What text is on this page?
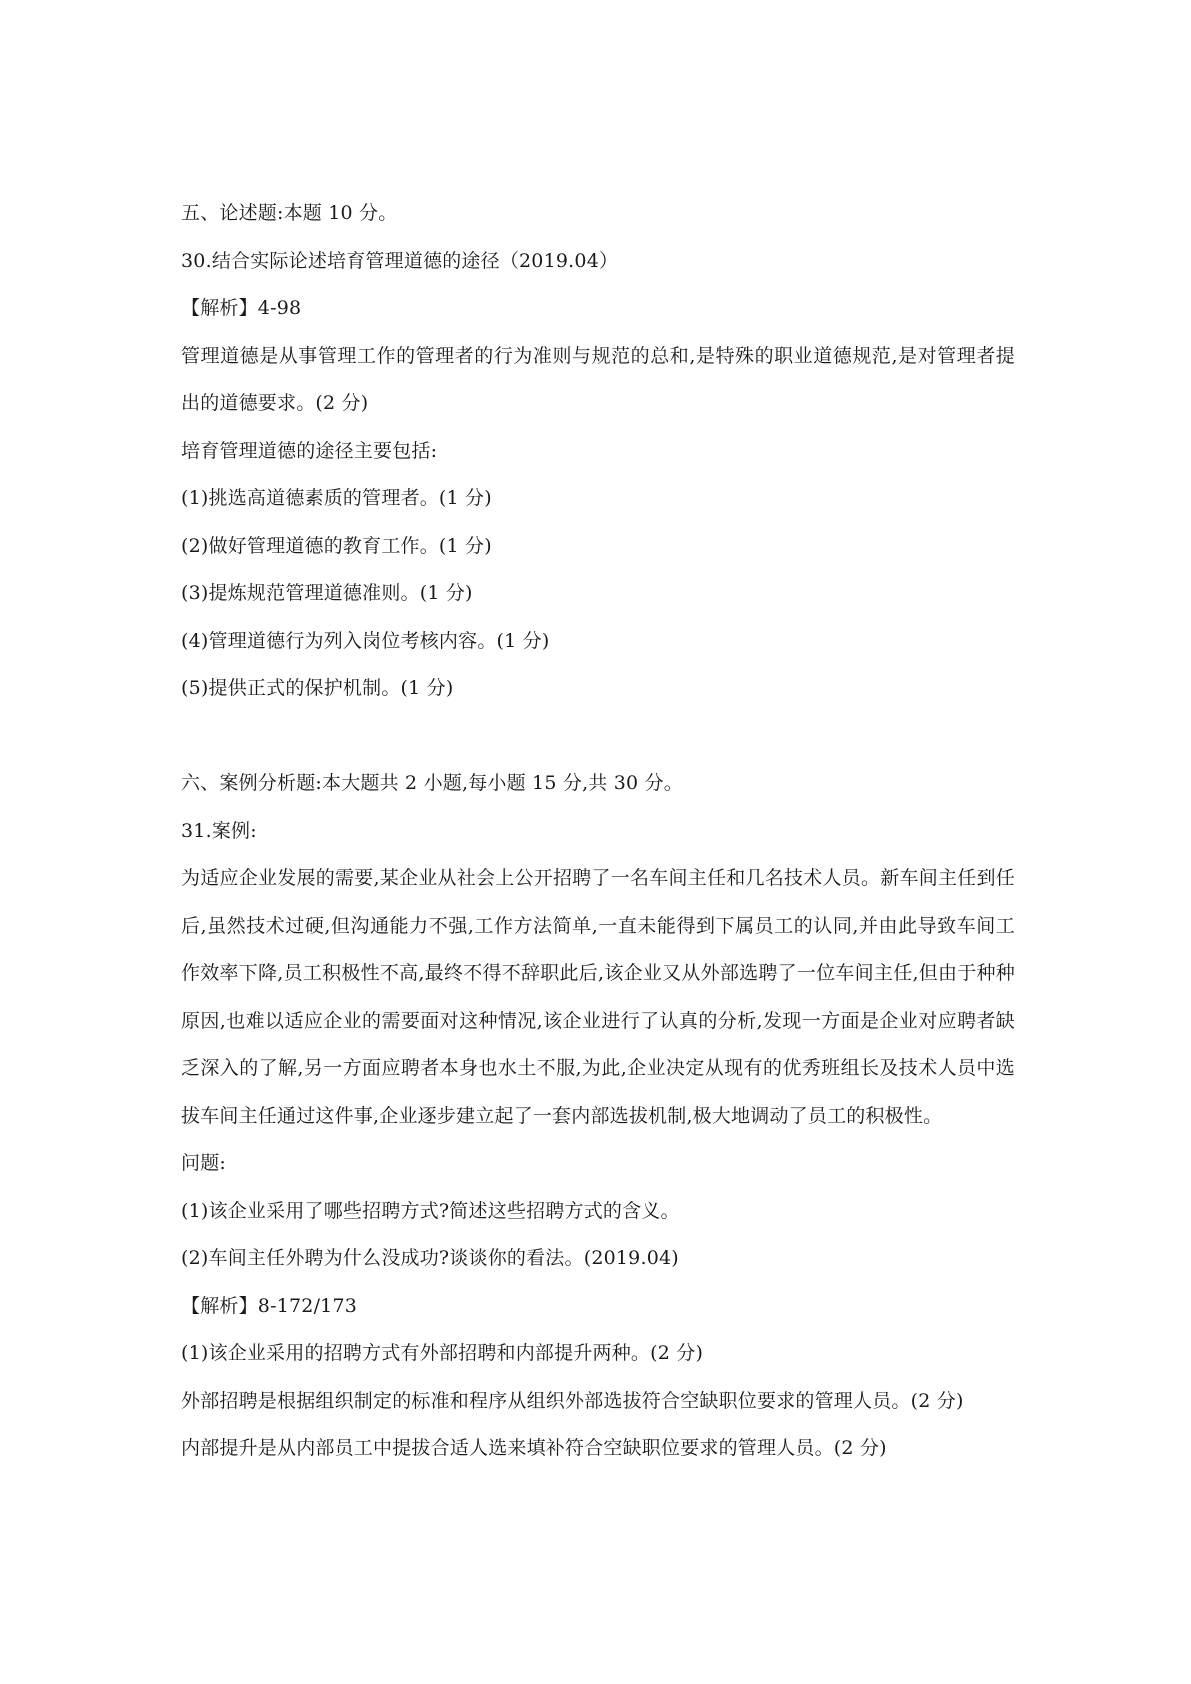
五、论述题:本题 10 分。
30.结合实际论述培育管理道德的途径（2019.04）
【解析】4-98
管理道德是从事管理工作的管理者的行为准则与规范的总和,是特殊的职业道德规范,是对管理者提出的道德要求。(2 分)
培育管理道德的途径主要包括:
(1)挑选高道德素质的管理者。(1 分)
(2)做好管理道德的教育工作。(1 分)
(3)提炼规范管理道德准则。(1 分)
(4)管理道德行为列入岗位考核内容。(1 分)
(5)提供正式的保护机制。(1 分)
六、案例分析题:本大题共 2 小题,每小题 15 分,共 30 分。
31.案例:
为适应企业发展的需要,某企业从社会上公开招聘了一名车间主任和几名技术人员。新车间主任到任后,虽然技术过硬,但沟通能力不强,工作方法简单,一直未能得到下属员工的认同,并由此导致车间工作效率下降,员工积极性不高,最终不得不辞职此后,该企业又从外部选聘了一位车间主任,但由于种种原因,也难以适应企业的需要面对这种情况,该企业进行了认真的分析,发现一方面是企业对应聘者缺乏深入的了解,另一方面应聘者本身也水土不服,为此,企业决定从现有的优秀班组长及技术人员中选拔车间主任通过这件事,企业逐步建立起了一套内部选拔机制,极大地调动了员工的积极性。
问题:
(1)该企业采用了哪些招聘方式?简述这些招聘方式的含义。
(2)车间主任外聘为什么没成功?谈谈你的看法。(2019.04)
【解析】8-172/173
(1)该企业采用的招聘方式有外部招聘和内部提升两种。(2 分)
外部招聘是根据组织制定的标准和程序从组织外部选拔符合空缺职位要求的管理人员。(2 分)
内部提升是从内部员工中提拔合适人选来填补符合空缺职位要求的管理人员。(2 分)
